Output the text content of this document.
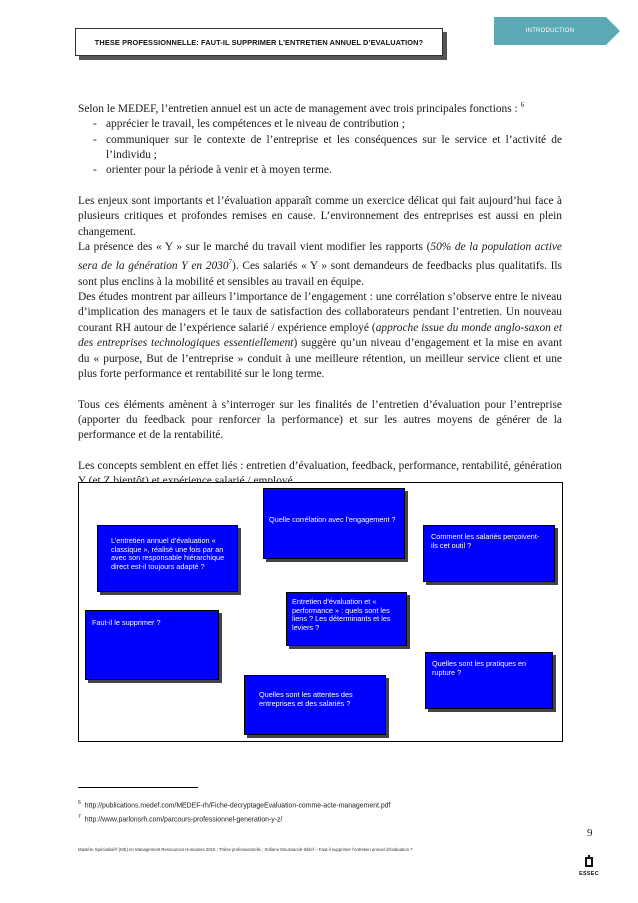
THESE PROFESSIONNELLE: FAUT-IL SUPPRIMER L’ENTRETIEN ANNUEL D’EVALUATION?
INTRODUCTION

Selon le MEDEF, l’entretien annuel est un acte de management avec trois principales fonctions : $^6$

- apprécier le travail, les compétences et le niveau de contribution ;
- communiquer sur le contexte de l’entreprise et les conséquences sur le service et l’activité de l’individu ;
- orienter pour la période à venir et à moyen terme.

Les enjeux sont importants et l’évaluation apparaît comme un exercice délicat qui fait aujourd’hui face à plusieurs critiques et profondes remises en cause. L’environnement des entreprises est aussi en plein changement.

La présence des « Y » sur le marché du travail vient modifier les rapports (50% de la population active sera de la génération Y en 2030$^7$). Ces salariés « Y » sont demandeurs de feedbacks plus qualitatifs. Ils sont plus enclins à la mobilité et sensibles au travail en équipe.

Des études montrent par ailleurs l’importance de l’engagement : une corrélation s’observe entre le niveau d’implication des managers et le taux de satisfaction des collaborateurs pendant l’entretien. Un nouveau courant RH autour de l’expérience salarié / expérience employé (approche issue du monde anglo-saxon et des entreprises technologiques essentiellement) suggère qu’un niveau d’engagement et la mise en avant du « purpose, But de l’entreprise » conduit à une meilleure rétention, un meilleur service client et une plus forte performance et rentabilité sur le long terme.

Tous ces éléments amènent à s’interroger sur les finalités de l’entretien d’évaluation pour l’entreprise (apporter du feedback pour renforcer la performance) et sur les autres moyens de générer de la performance et de la rentabilité.

Les concepts semblent en effet liés : entretien d’évaluation, feedback, performance, rentabilité, génération

L’entretien annuel d’évaluation « classique », réalisé une fois par an avec son responsable hiérarchique direct est-il toujours adapté ?
Quelle corrélation avec l’engagement ?
Comment les salariés perçoivent-ils cet outil ?
Entretien d’évaluation et « performance » : quels sont les liens ? Les déterminants et les leviers ?
Faut-il le supprimer ?
Quelles sont les pratiques en rupture ?
Quelles sont les attentes des entreprises et des salariés ?
$^6$ http://publications.medef.com/MEDEF-rh/Fiche-decryptageEvaluation-comme-acte-management.pdf
$^7$ http://www.parlonsrh.com/parcours-professionnel-generation-y-z/
9
Mastère Spécialisé® (MS) en Management Ressources Humaines 2015 ; Thèse professionnelle ; Sofiane Moussaceb-Ikhlef – Faut-il supprimer l’entretien annuel d’évaluation ?
ESSEC
